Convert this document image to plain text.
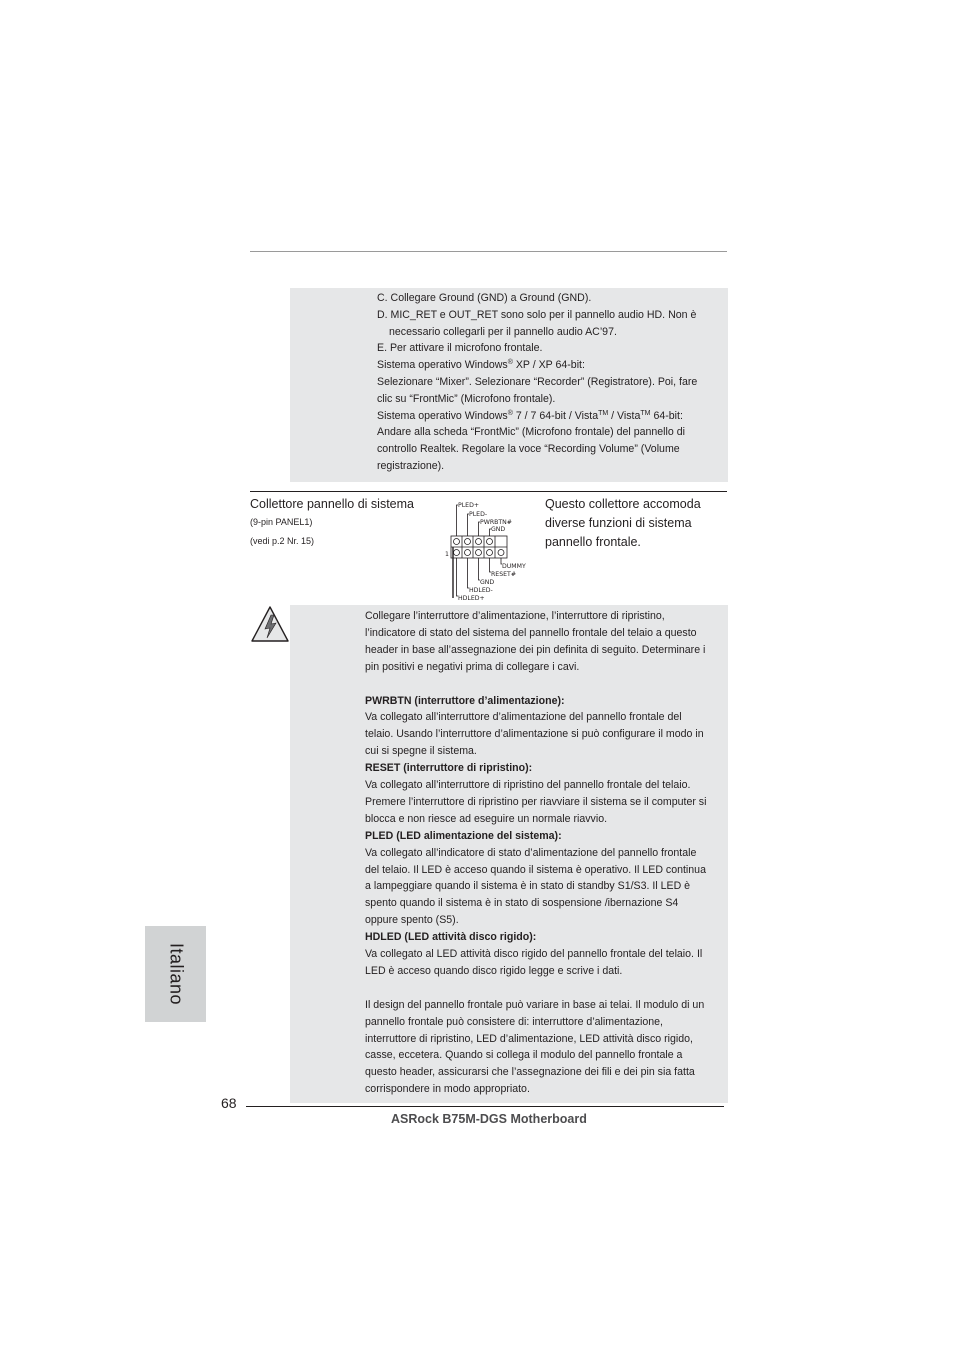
C. Collegare Ground (GND) a Ground (GND).
D. MIC_RET e OUT_RET sono solo per il pannello audio HD. Non è
necessario collegarli per il pannello audio AC’97.
E. Per attivare il microfono frontale.
Sistema operativo Windows® XP / XP 64-bit:
Selezionare “Mixer”. Selezionare “Recorder” (Registratore). Poi, fare
clic su “FrontMic” (Microfono frontale).
Sistema operativo Windows® 7 / 7 64-bit / Vista™ / Vista™ 64-bit:
Andare alla scheda “FrontMic” (Microfono frontale) del pannello di
controllo Realtek. Regolare la voce “Recording Volume” (Volume
registrazione).
Collettore pannello di sistema
(9-pin PANEL1)
(vedi p.2 Nr. 15)
Questo collettore accomoda
diverse funzioni di sistema
pannello frontale.
PLED+
PLED-
PWRBTN#
GND
DUMMY
RESET#
GND
HDLED-
HDLED+
1
Collegare l’interruttore d’alimentazione, l’interruttore di ripristino,
l’indicatore di stato del sistema del pannello frontale del telaio a questo
header in base all’assegnazione dei pin definita di seguito. Determinare i
pin positivi e negativi prima di collegare i cavi.
PWRBTN (interruttore d’alimentazione):
Va collegato all’interruttore d’alimentazione del pannello frontale del
telaio. Usando l’interruttore d’alimentazione si può configurare il modo in
cui si spegne il sistema.
RESET (interruttore di ripristino):
Va collegato all’interruttore di ripristino del pannello frontale del telaio.
Premere l’interruttore di ripristino per riavviare il sistema se il computer si
blocca e non riesce ad eseguire un normale riavvio.
PLED (LED alimentazione del sistema):
Va collegato all’indicatore di stato d’alimentazione del pannello frontale
del telaio. Il LED è acceso quando il sistema è operativo. Il LED continua
a lampeggiare quando il sistema è in stato di standby S1/S3. Il LED è
spento quando il sistema è in stato di sospensione /ibernazione S4
oppure spento (S5).
HDLED (LED attività disco rigido):
Va collegato al LED attività disco rigido del pannello frontale del telaio. Il
LED è acceso quando disco rigido legge e scrive i dati.
Il design del pannello frontale può variare in base ai telai. Il modulo di un
pannello frontale può consistere di: interruttore d’alimentazione,
interruttore di ripristino, LED d’alimentazione, LED attività disco rigido,
casse, eccetera. Quando si collega il modulo del pannello frontale a
questo header, assicurarsi che l’assegnazione dei fili e dei pin sia fatta
corrispondere in modo appropriato.
Italiano
68
ASRock B75M-DGS Motherboard
